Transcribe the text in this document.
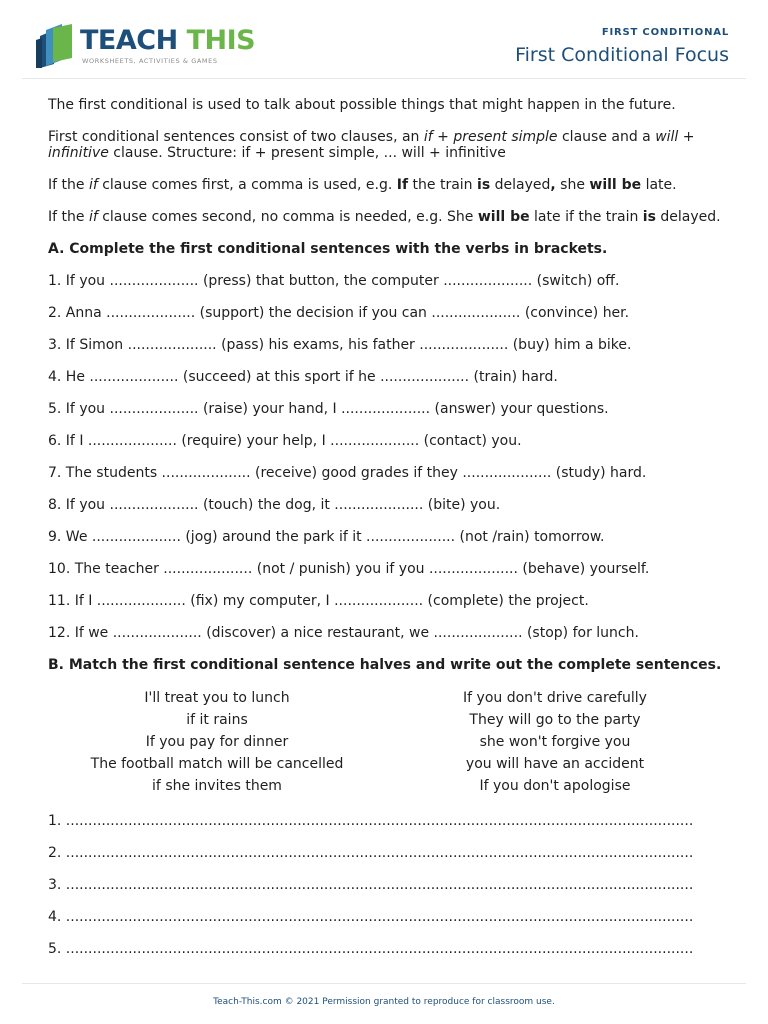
TEACH THIS
WORKSHEETS, ACTIVITIES & GAMES
FIRST CONDITIONAL
First Conditional Focus

The first conditional is used to talk about possible things that might happen in the future.

First conditional sentences consist of two clauses, an if + present simple clause and a will + infinitive clause. Structure: if + present simple, ... will + infinitive

If the if clause comes first, a comma is used, e.g. If the train is delayed, she will be late.

If the if clause comes second, no comma is needed, e.g. She will be late if the train is delayed.

A. Complete the first conditional sentences with the verbs in brackets.

1. If you .................... (press) that button, the computer .................... (switch) off.
2. Anna .................... (support) the decision if you can .................... (convince) her.
3. If Simon .................... (pass) his exams, his father .................... (buy) him a bike.
4. He .................... (succeed) at this sport if he .................... (train) hard.
5. If you .................... (raise) your hand, I .................... (answer) your questions.
6. If I .................... (require) your help, I .................... (contact) you.
7. The students .................... (receive) good grades if they .................... (study) hard.
8. If you .................... (touch) the dog, it .................... (bite) you.
9. We .................... (jog) around the park if it .................... (not /rain) tomorrow.
10. The teacher .................... (not / punish) you if you .................... (behave) yourself.
11. If I .................... (fix) my computer, I .................... (complete) the project.
12. If we .................... (discover) a nice restaurant, we .................... (stop) for lunch.

B. Match the first conditional sentence halves and write out the complete sentences.

I'll treat you to lunch
if it rains
If you pay for dinner
The football match will be cancelled
if she invites them
If you don't drive carefully
They will go to the party
she won't forgive you
you will have an accident
If you don't apologise
1. .............................................................................................................................................
2. .............................................................................................................................................
3. .............................................................................................................................................
4. .............................................................................................................................................
5. .............................................................................................................................................
Teach-This.com © 2021 Permission granted to reproduce for classroom use.
